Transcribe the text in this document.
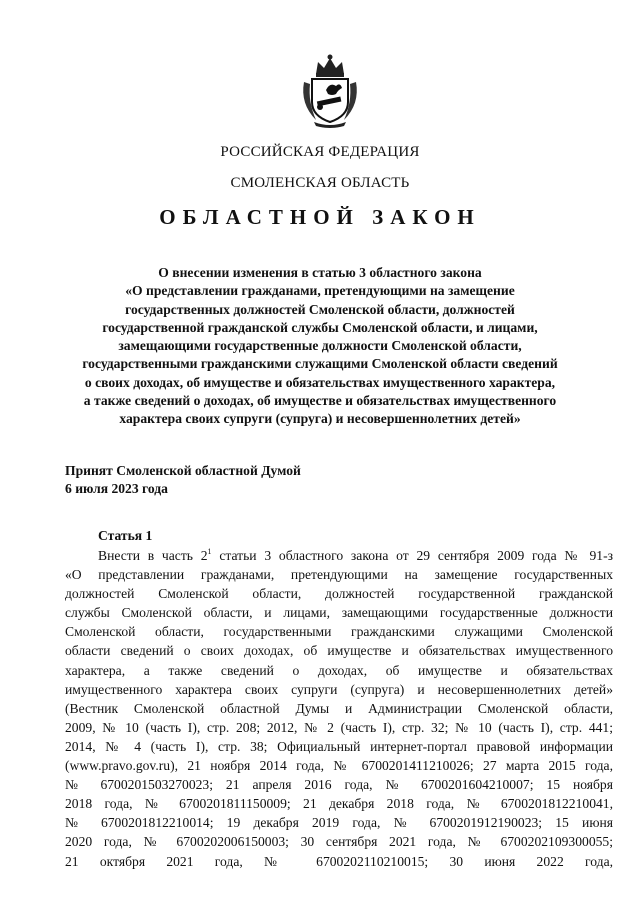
РОССИЙСКАЯ ФЕДЕРАЦИЯ
СМОЛЕНСКАЯ ОБЛАСТЬ
ОБЛАСТНОЙ ЗАКОН
О внесении изменения в статью 3 областного закона
«О представлении гражданами, претендующими на замещение
государственных должностей Смоленской области, должностей
государственной гражданской службы Смоленской области, и лицами,
замещающими государственные должности Смоленской области,
государственными гражданскими служащими Смоленской области сведений
о своих доходах, об имуществе и обязательствах имущественного характера,
а также сведений о доходах, об имуществе и обязательствах имущественного
характера своих супруги (супруга) и несовершеннолетних детей»
Принят Смоленской областной Думой
6 июля 2023 года
Статья 1
Внести в часть $2^1$ статьи 3 областного закона от 29 сентября 2009 года № 91-з
«О представлении гражданами, претендующими на замещение государственных
должностей Смоленской области, должностей государственной гражданской
службы Смоленской области, и лицами, замещающими государственные должности
Смоленской области, государственными гражданскими служащими Смоленской
области сведений о своих доходах, об имуществе и обязательствах имущественного
характера, а также сведений о доходах, об имуществе и обязательствах
имущественного характера своих супруги (супруга) и несовершеннолетних детей»
(Вестник Смоленской областной Думы и Администрации Смоленской области,
2009, № 10 (часть I), стр. 208; 2012, № 2 (часть I), стр. 32; № 10 (часть I), стр. 441;
2014, № 4 (часть I), стр. 38; Официальный интернет-портал правовой информации
(www.pravo.gov.ru), 21 ноября 2014 года, № 6700201411210026; 27 марта 2015 года,
№ 6700201503270023; 21 апреля 2016 года, № 6700201604210007; 15 ноября
2018 года, № 6700201811150009; 21 декабря 2018 года, № 6700201812210041,
№ 6700201812210014; 19 декабря 2019 года, № 6700201912190023; 15 июня
2020 года, № 6700202006150003; 30 сентября 2021 года, № 6700202109300055;
21 октября 2021 года, № 6700202110210015; 30 июня 2022 года,
